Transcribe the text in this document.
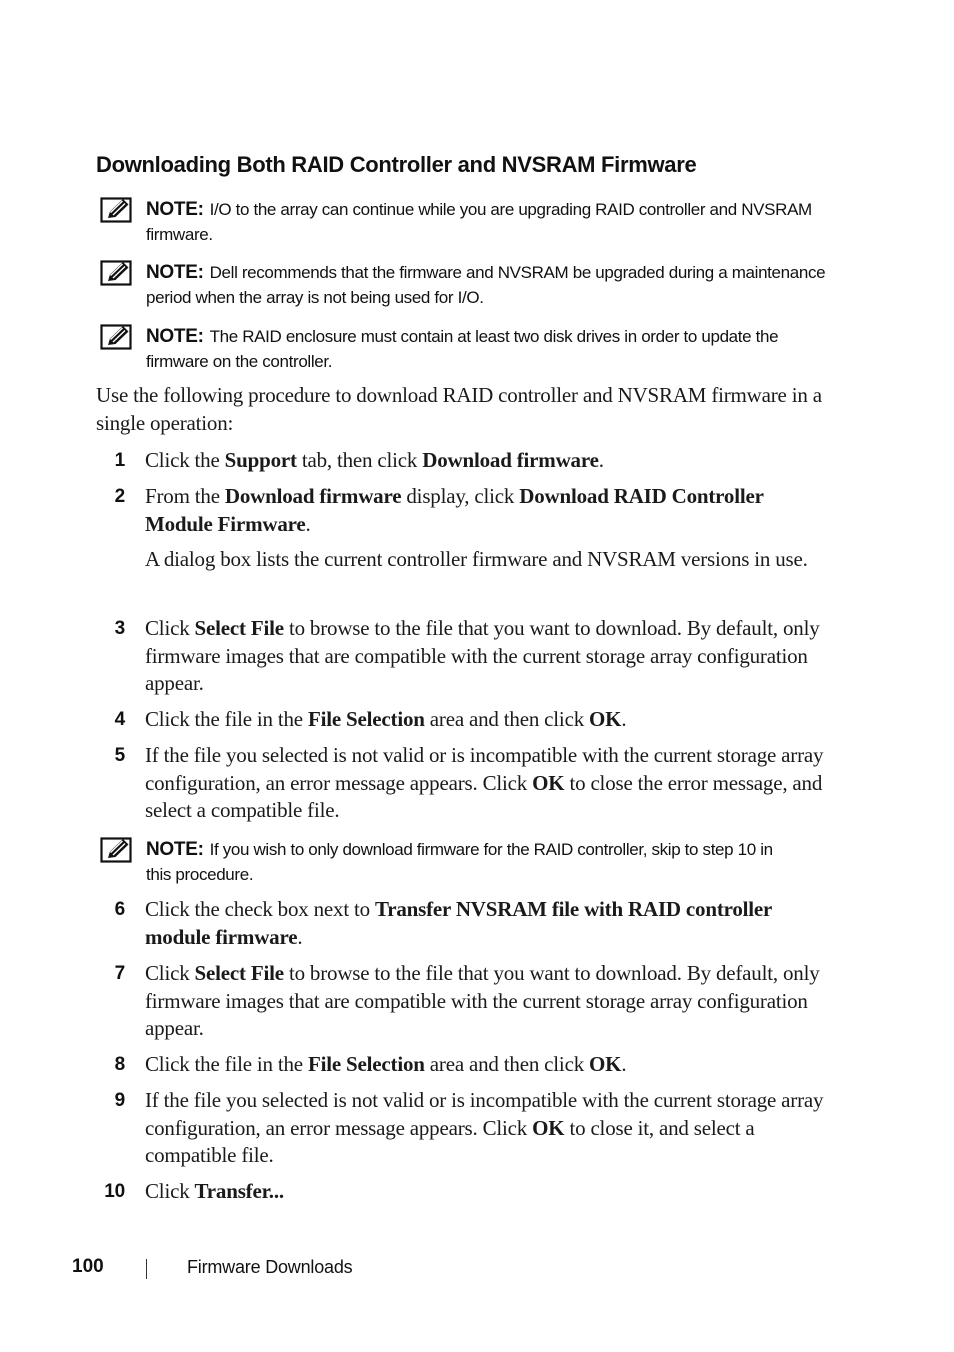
Downloading Both RAID Controller and NVSRAM Firmware
NOTE: I/O to the array can continue while you are upgrading RAID controller and NVSRAM firmware.
NOTE: Dell recommends that the firmware and NVSRAM be upgraded during a maintenance period when the array is not being used for I/O.
NOTE: The RAID enclosure must contain at least two disk drives in order to update the firmware on the controller.

Use the following procedure to download RAID controller and NVSRAM firmware in a single operation:

1 Click the Support tab, then click Download firmware.
2 From the Download firmware display, click Download RAID Controller Module Firmware.

A dialog box lists the current controller firmware and NVSRAM versions in use.

3 Click Select File to browse to the file that you want to download. By default, only firmware images that are compatible with the current storage array configuration appear.
4 Click the file in the File Selection area and then click OK.
5 If the file you selected is not valid or is incompatible with the current storage array configuration, an error message appears. Click OK to close the error message, and select a compatible file.
NOTE: If you wish to only download firmware for the RAID controller, skip to step 10 in this procedure.
6 Click the check box next to Transfer NVSRAM file with RAID controller module firmware.
7 Click Select File to browse to the file that you want to download. By default, only firmware images that are compatible with the current storage array configuration appear.
8 Click the file in the File Selection area and then click OK.
9 If the file you selected is not valid or is incompatible with the current storage array configuration, an error message appears. Click OK to close it, and select a compatible file.
10 Click Transfer...
100	Firmware Downloads
